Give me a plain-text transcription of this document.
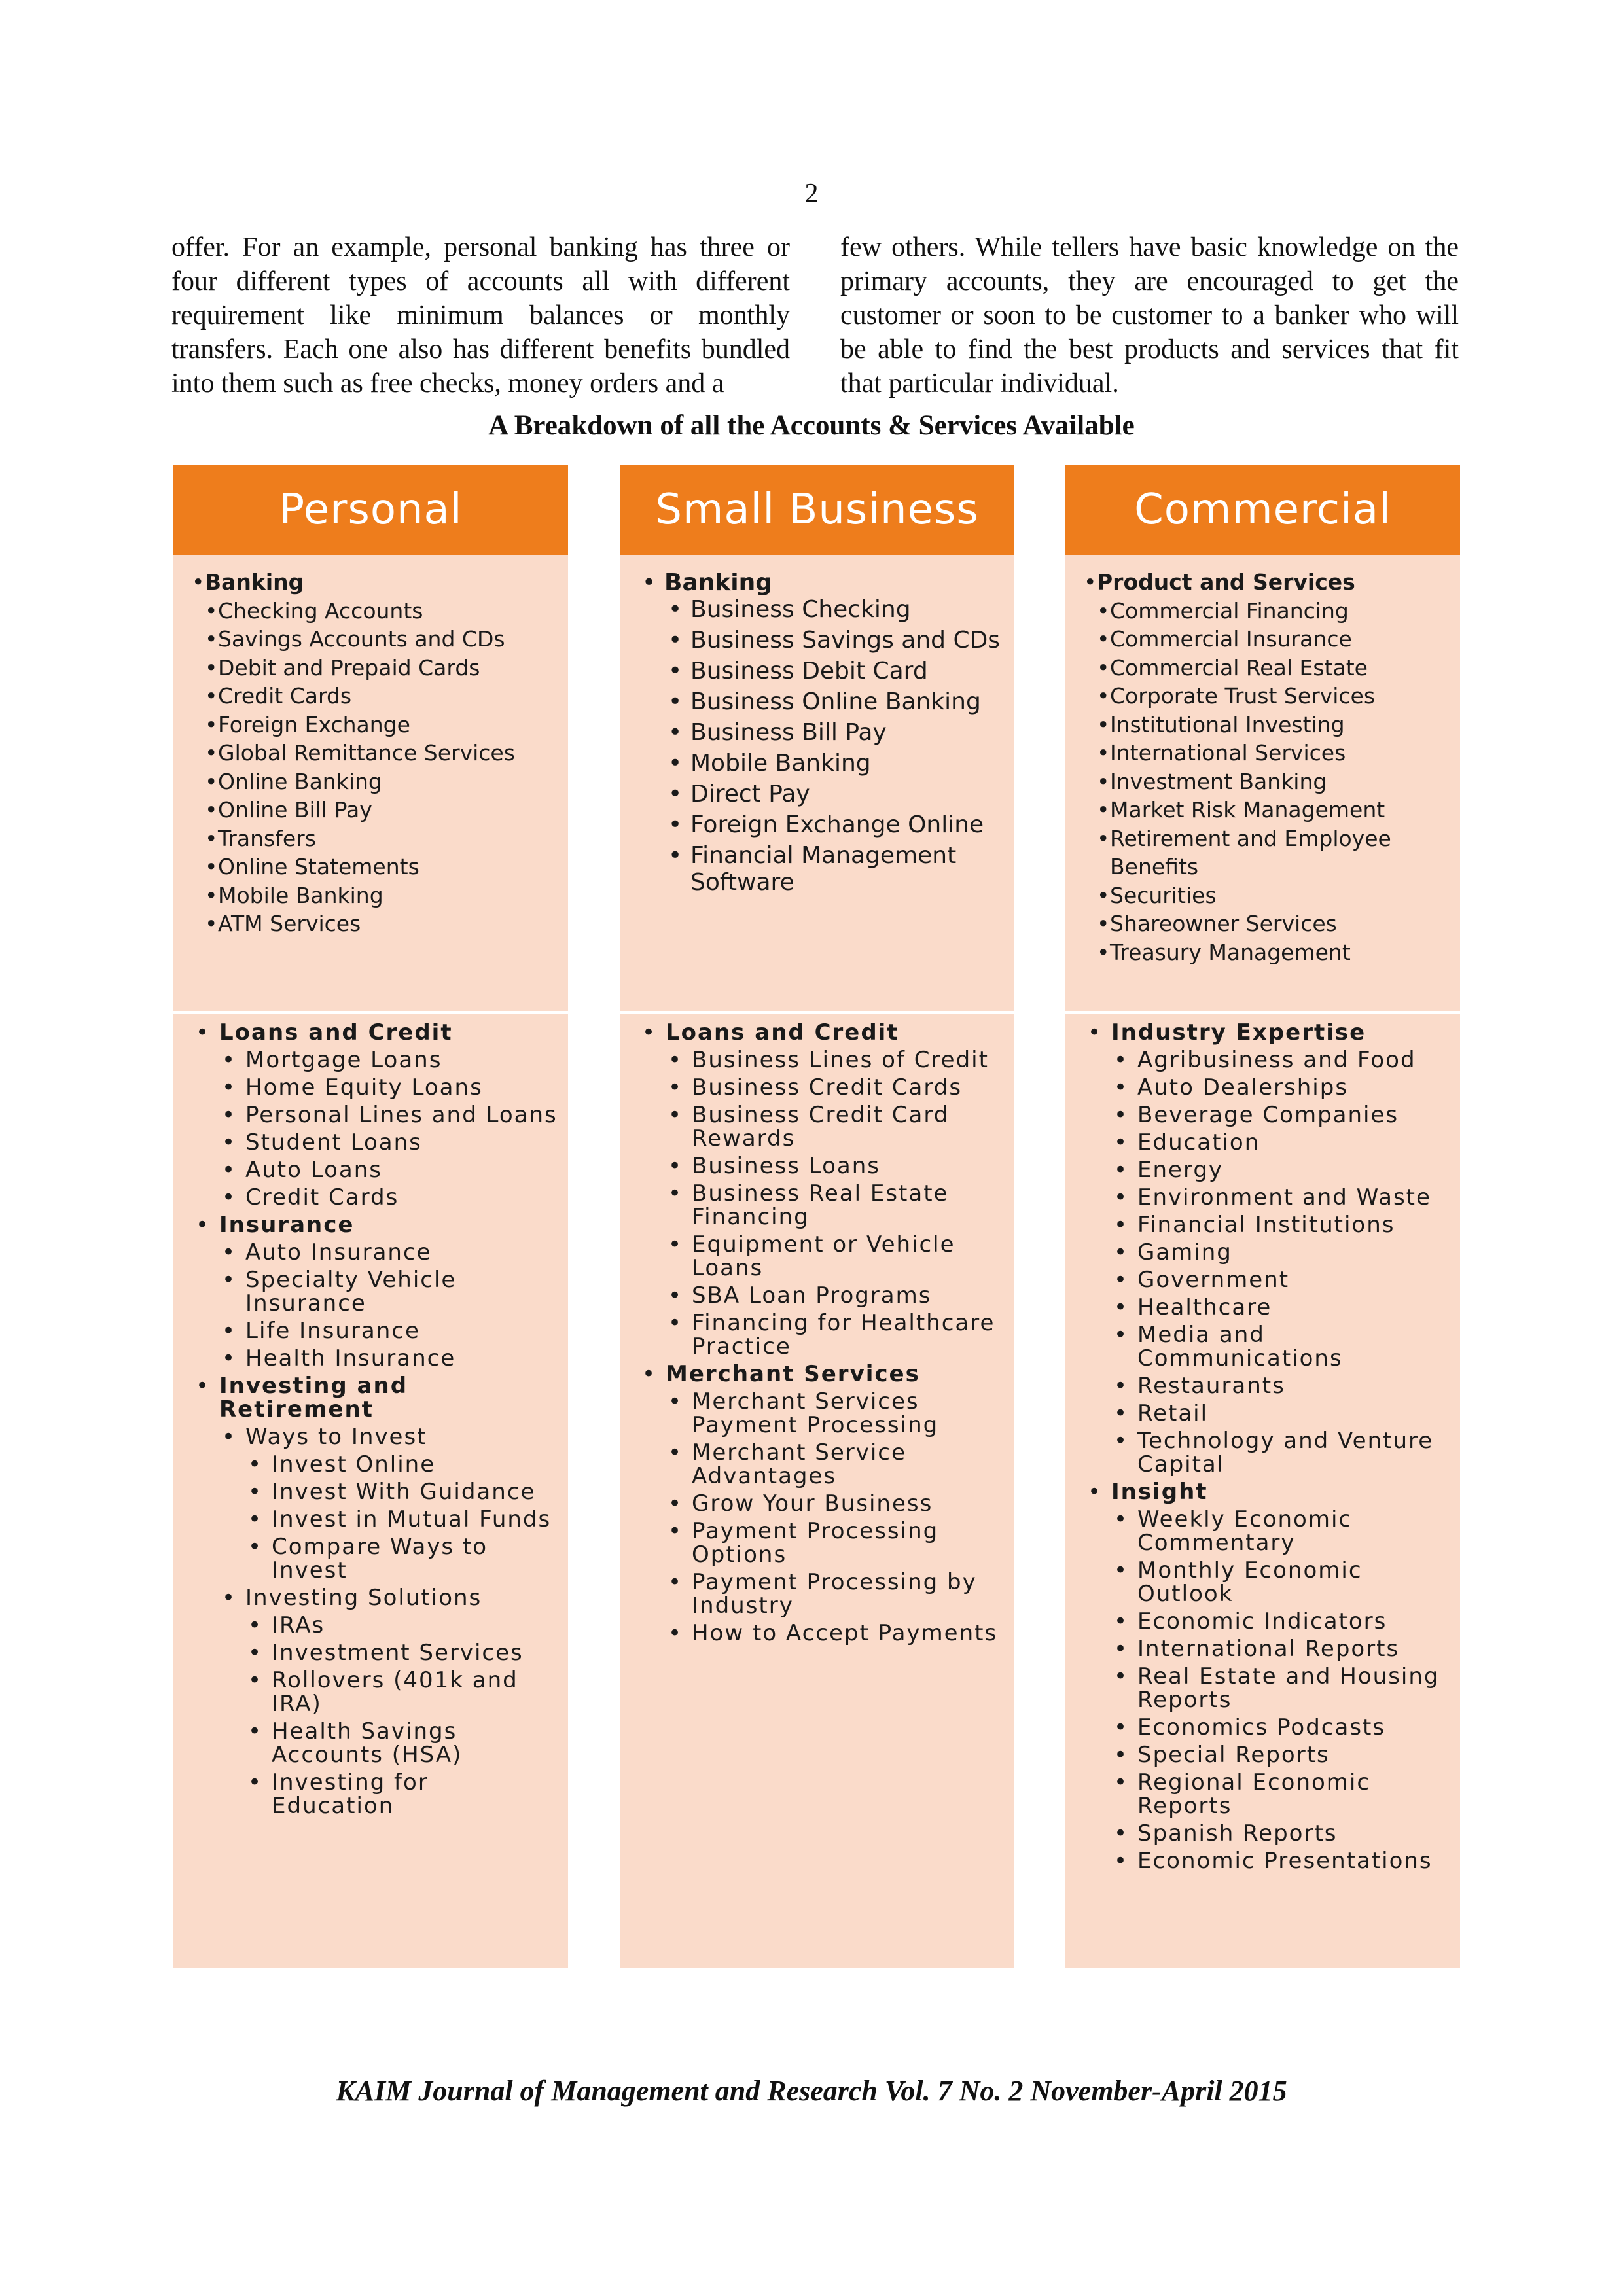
2

offer. For an example, personal banking has three or four different types of accounts all with different requirement like minimum balances or monthly transfers. Each one also has different benefits bundled into them such as free checks, money orders and a

few others. While tellers have basic knowledge on the primary accounts, they are encouraged to get the customer or soon to be customer to a banker who will be able to find the best products and services that fit that particular individual.

A Breakdown of all the Accounts & Services Available
Personal
• Banking
• Checking Accounts
• Savings Accounts and CDs
• Debit and Prepaid Cards
• Credit Cards
• Foreign Exchange
• Global Remittance Services
• Online Banking
• Online Bill Pay
• Transfers
• Online Statements
• Mobile Banking
• ATM Services
• Loans and Credit
• Mortgage Loans
• Home Equity Loans
• Personal Lines and Loans
• Student Loans
• Auto Loans
• Credit Cards
• Insurance
• Auto Insurance
• Specialty Vehicle Insurance
• Life Insurance
• Health Insurance
• Investing and Retirement
• Ways to Invest
• Invest Online
• Invest With Guidance
• Invest in Mutual Funds
• Compare Ways to Invest
• Investing Solutions
• IRAs
• Investment Services
• Rollovers (401k and IRA)
• Health Savings Accounts (HSA)
• Investing for Education
Small Business
• Banking
• Business Checking
• Business Savings and CDs
• Business Debit Card
• Business Online Banking
• Business Bill Pay
• Mobile Banking
• Direct Pay
• Foreign Exchange Online
• Financial Management Software
• Loans and Credit
• Business Lines of Credit
• Business Credit Cards
• Business Credit Card Rewards
• Business Loans
• Business Real Estate Financing
• Equipment or Vehicle Loans
• SBA Loan Programs
• Financing for Healthcare Practice
• Merchant Services
• Merchant Services Payment Processing
• Merchant Service Advantages
• Grow Your Business
• Payment Processing Options
• Payment Processing by Industry
• How to Accept Payments
Commercial
• Product and Services
• Commercial Financing
• Commercial Insurance
• Commercial Real Estate
• Corporate Trust Services
• Institutional Investing
• International Services
• Investment Banking
• Market Risk Management
• Retirement and Employee Benefits
• Securities
• Shareowner Services
• Treasury Management
• Industry Expertise
• Agribusiness and Food
• Auto Dealerships
• Beverage Companies
• Education
• Energy
• Environment and Waste
• Financial Institutions
• Gaming
• Government
• Healthcare
• Media and Communications
• Restaurants
• Retail
• Technology and Venture Capital
• Insight
• Weekly Economic Commentary
• Monthly Economic Outlook
• Economic Indicators
• International Reports
• Real Estate and Housing Reports
• Economics Podcasts
• Special Reports
• Regional Economic Reports
• Spanish Reports
• Economic Presentations
KAIM Journal of Management and Research Vol. 7 No. 2 November-April 2015
